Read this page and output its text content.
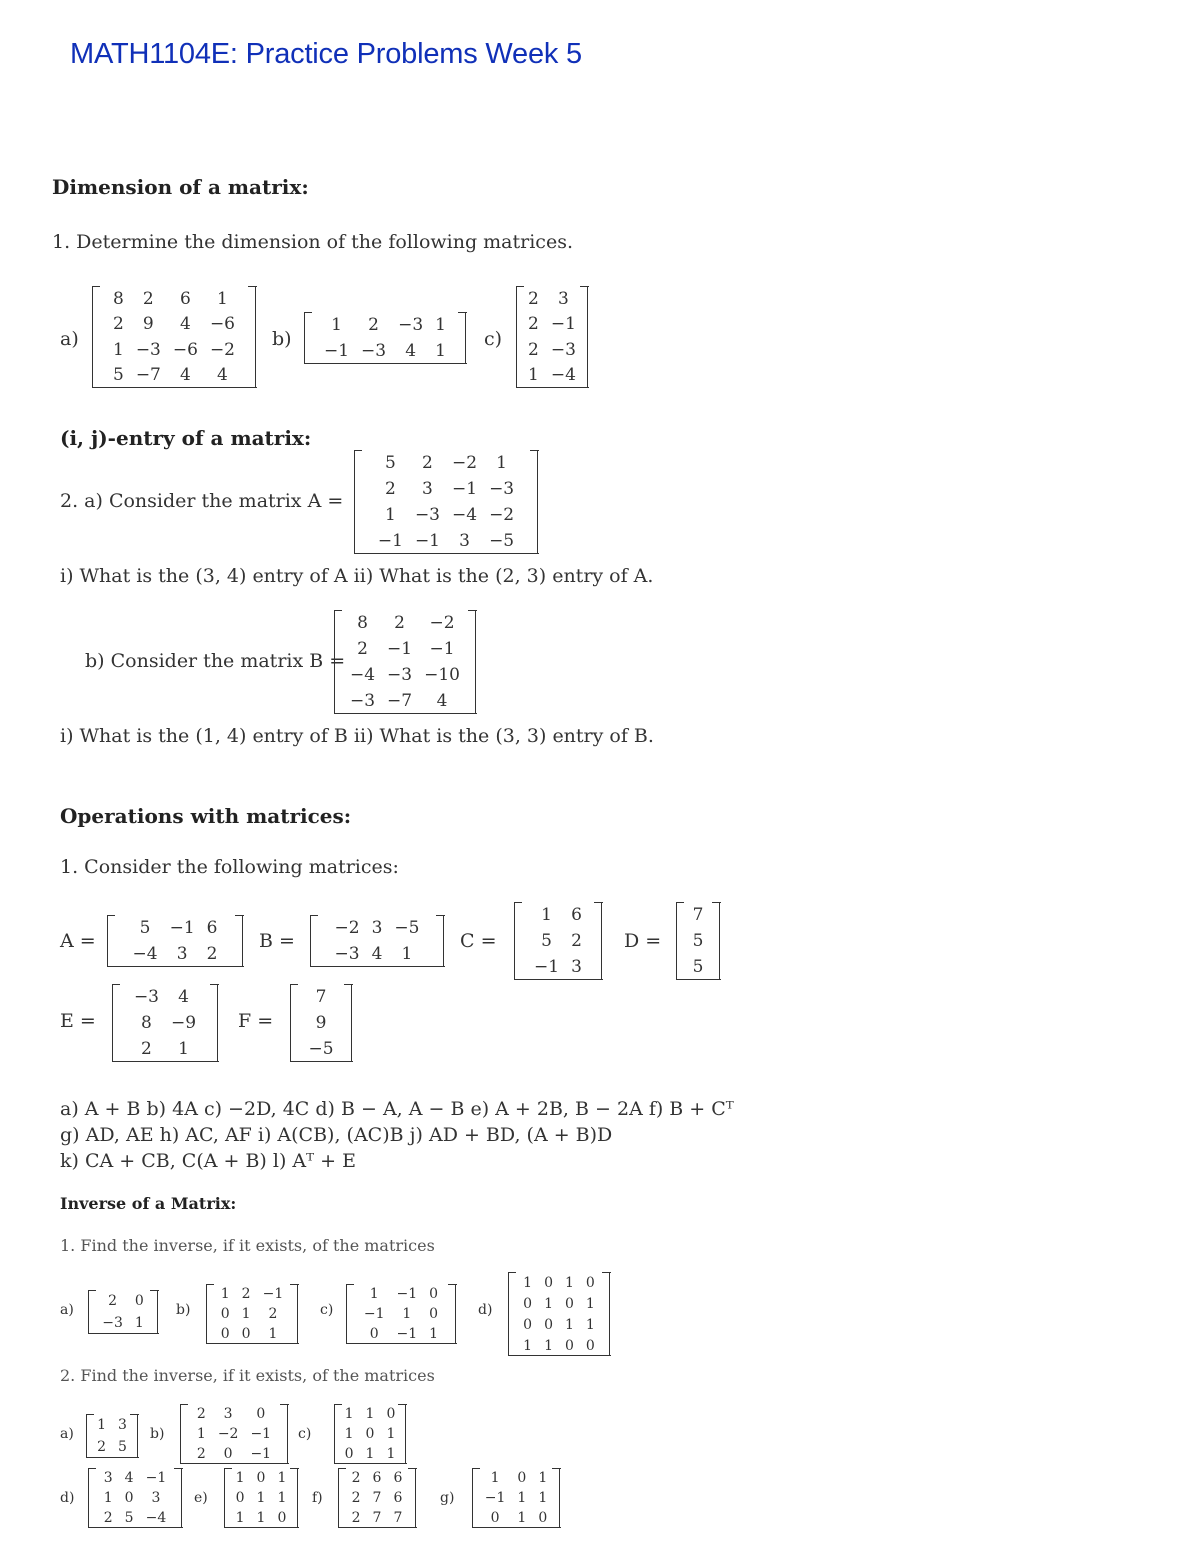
MATH1104E: Practice Problems Week 5
Dimension of a matrix:
1. Determine the dimension of the following matrices.
a)
8	2	6	1
2	9	4	−6
1	−3	−6	−2
5	−7	4	4
b)
1	2	−3	1
−1	−3	4	1
c)
2	3
2	−1
2	−3
1	−4
(i, j)-entry of a matrix:
2. a) Consider the matrix A =
5	2	−2	1
2	3	−1	−3
1	−3	−4	−2
−1	−1	3	−5
i) What is the (3, 4) entry of A ii) What is the (2, 3) entry of A.
b) Consider the matrix B =
8	2	−2
2	−1	−1
−4	−3	−10
−3	−7	4
i) What is the (1, 4) entry of B ii) What is the (3, 3) entry of B.
Operations with matrices:
1. Consider the following matrices:
A =
5	−1	6
−4	3	2
B =
−2	3	−5
−3	4	1
C =
1	6
5	2
−1	3
D =
7
5
5
E =
−3	4
8	−9
2	1
F =
7
9
−5
a) A + B b) 4A c) −2D, 4C d) B − A, A − B e) A + 2B, B − 2A f) B + Cᵀ
g) AD, AE h) AC, AF i) A(CB), (AC)B j) AD + BD, (A + B)D
k) CA + CB, C(A + B) l) Aᵀ + E
Inverse of a Matrix:
1. Find the inverse, if it exists, of the matrices
a)
2	0
−3	1
b)
1	2	−1
0	1	2
0	0	1
c)
1	−1	0
−1	1	0
0	−1	1
d)
1	0	1	0
0	1	0	1
0	0	1	1
1	1	0	0
2. Find the inverse, if it exists, of the matrices
a)
1	3
2	5
b)
2	3	0
1	−2	−1
2	0	−1
c)
1	1	0
1	0	1
0	1	1
d)
3	4	−1
1	0	3
2	5	−4
e)
1	0	1
0	1	1
1	1	0
f)
2	6	6
2	7	6
2	7	7
g)
1	0	1
−1	1	1
0	1	0
